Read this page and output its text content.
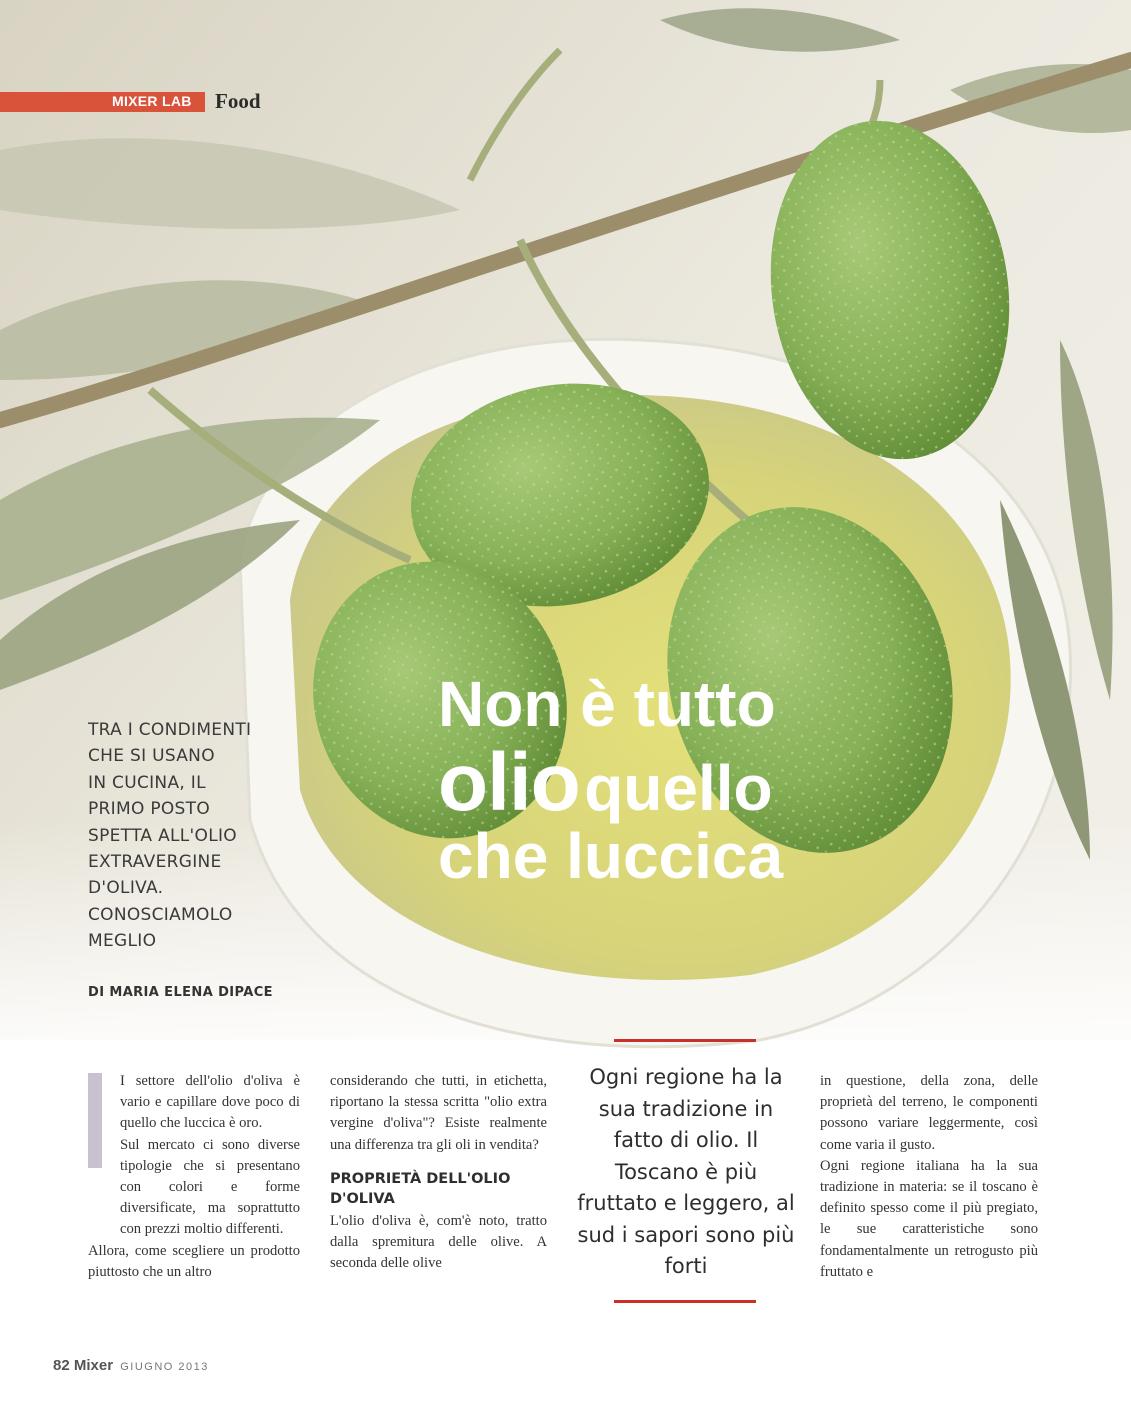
MIXER LAB Food
Non è tutto
olio quello
che luccica
TRA I CONDIMENTI
CHE SI USANO
IN CUCINA, IL
PRIMO POSTO
SPETTA ALL'OLIO
EXTRAVERGINE
D'OLIVA.
CONOSCIAMOLO
MEGLIO
DI MARIA ELENA DIPACE

I settore dell'olio d'oliva è vario e capillare dove poco di quello che luccica è oro.

Sul mercato ci sono diverse tipologie che si presentano con colori e forme diversificate, ma soprattutto con prezzi moltio differenti.

Allora, come scegliere un prodotto piuttosto che un altro

considerando che tutti, in etichetta, riportano la stessa scritta "olio extra vergine d'oliva"? Esiste realmente una differenza tra gli oli in vendita?

PROPRIETÀ DELL'OLIO D'OLIVA

L'olio d'oliva è, com'è noto, tratto dalla spremitura delle olive. A seconda delle olive

Ogni regione ha la sua tradizione in fatto di olio. Il Toscano è più fruttato e leggero, al sud i sapori sono più forti

in questione, della zona, delle proprietà del terreno, le componenti possono variare leggermente, così come varia il gusto.

Ogni regione italiana ha la sua tradizione in materia: se il toscano è definito spesso come il più pregiato, le sue caratteristiche sono fondamentalmente un retrogusto più fruttato e

82 Mixer GIUGNO 2013
